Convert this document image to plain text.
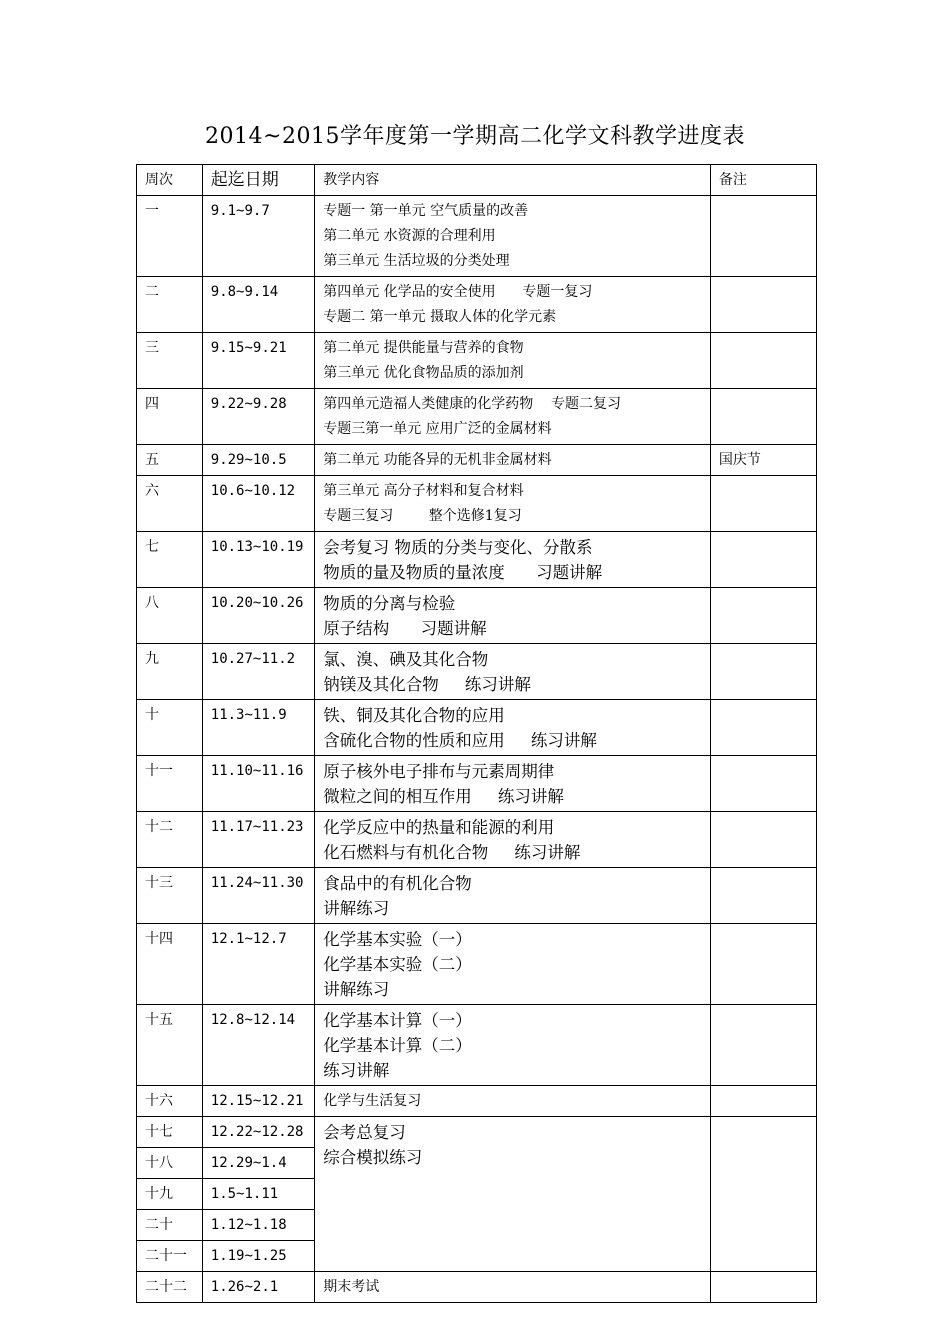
2014~2015学年度第一学期高二化学文科教学进度表
周次	起迄日期	教学内容	备注
一	9.1~9.7	专题一 第一单元 空气质量的改善
第二单元 水资源的合理利用
第三单元 生活垃圾的分类处理	

二	9.8~9.14	第四单元 化学品的安全使用      专题一复习
专题二 第一单元 摄取人体的化学元素	

三	9.15~9.21	第二单元 提供能量与营养的食物
第三单元 优化食物品质的添加剂	

四	9.22~9.28	第四单元造福人类健康的化学药物    专题二复习
专题三第一单元 应用广泛的金属材料	

五	9.29~10.5	第二单元 功能各异的无机非金属材料	国庆节
六	10.6~10.12	第三单元 高分子材料和复合材料
专题三复习        整个选修1复习	

七	10.13~10.19	会考复习 物质的分类与变化、分散系
物质的量及物质的量浓度      习题讲解	

八	10.20~10.26	物质的分离与检验
原子结构      习题讲解	

九	10.27~11.2	氯、溴、碘及其化合物
钠镁及其化合物     练习讲解	

十	11.3~11.9	铁、铜及其化合物的应用
含硫化合物的性质和应用     练习讲解	

十一	11.10~11.16	原子核外电子排布与元素周期律
微粒之间的相互作用     练习讲解	

十二	11.17~11.23	化学反应中的热量和能源的利用
化石燃料与有机化合物     练习讲解	

十三	11.24~11.30	食品中的有机化合物
讲解练习	

十四	12.1~12.7	化学基本实验（一）
化学基本实验（二）
讲解练习	

十五	12.8~12.14	化学基本计算（一）
化学基本计算（二）
练习讲解	

十六	12.15~12.21	化学与生活复习	

十七	12.22~12.28	会考总复习
综合模拟练习	

十八	12.29~1.4		
十九	1.5~1.11		
二十	1.12~1.18		
二十一	1.19~1.25		
二十二	1.26~2.1	期末考试	
